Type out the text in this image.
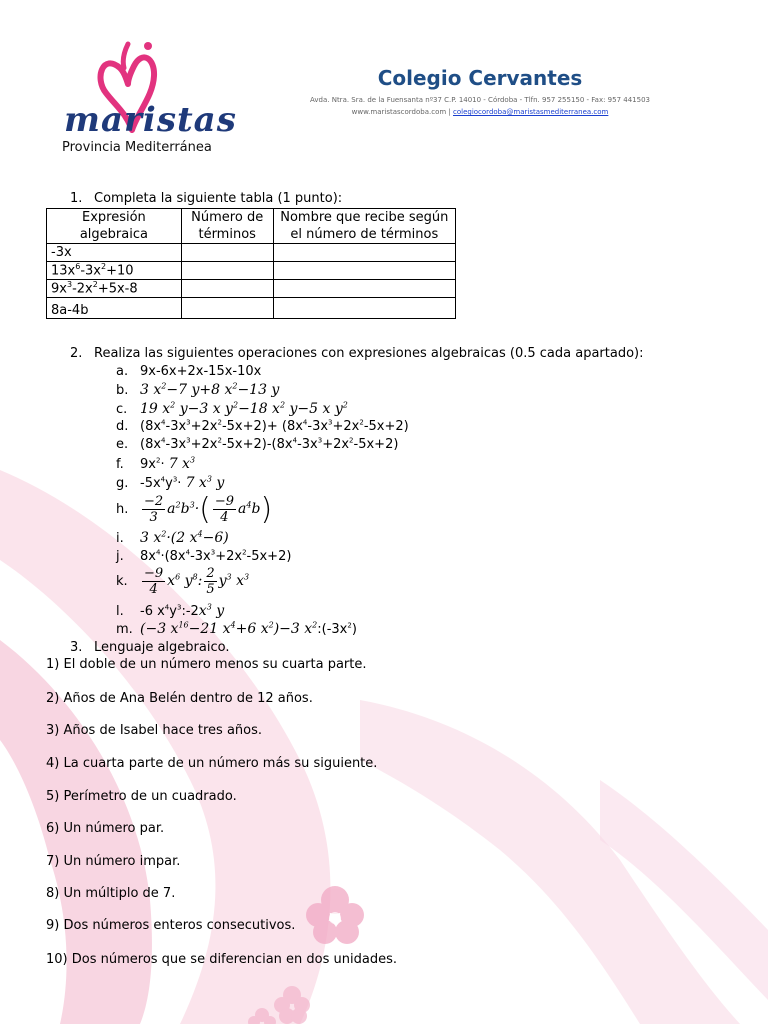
maristas
Provincia Mediterránea
Colegio Cervantes
Avda. Ntra. Sra. de la Fuensanta nº37 C.P. 14010 - Córdoba - Tlfn. 957 255150 - Fax: 957 441503
www.maristascordoba.com | colegiocordoba@maristasmediterranea.com
1. Completa la siguiente tabla (1 punto):
Expresión algebraica	Número de términos	Nombre que recibe según el número de términos
-3x		
$13x^6-3x^2+10$		
$9x^3-2x^2+5x-8$		
8a-4b		
2. Realiza las siguientes operaciones con expresiones algebraicas (0.5 cada apartado):
a. 9x-6x+2x-15x-10x
b. 3 $x^2-7$ y+8 $x^2-13$ y
c. 19 $x^2$ y−3 x $y^2-18$ $x^2$ y−5 x $y^2$
d. $(8x^4-3x^3+2x^2-5x+2)+ (8x^4-3x^3+2x^2-5x+2)$
e. $(8x^4-3x^3+2x^2-5x+2)-(8x^4-3x^3+2x^2-5x+2)$
f. $9x^2\cdot 7$ $x^3$
g. $-5x^4y^3\cdot 7$ $x^3$ y
h. $\frac{-2}{3} a^2b^3\cdot( \frac{-9}{4} a^4b)$
i. 3 $x^2\cdot(2$ $x^4-6$)
j. $8x^4\cdot(8x^4-3x^3+2x^2-5x+2)$
k. $\frac{-9}{4} x^6$ $y^8$: $\frac{2}{5} y^3$ $x^3$
l. -6 $x^4y^3:-2x^3$ y
m. (−3 $x^{16}-21$ $x^4+6$ $x^2)-3$ $x^2:(-3x^2)$
3. Lenguaje algebraico.
1) El doble de un número menos su cuarta parte.
2) Años de Ana Belén dentro de 12 años.
3) Años de Isabel hace tres años.
4) La cuarta parte de un número más su siguiente.
5) Perímetro de un cuadrado.
6) Un número par.
7) Un número impar.
8) Un múltiplo de 7.
9) Dos números enteros consecutivos.
10) Dos números que se diferencian en dos unidades.
